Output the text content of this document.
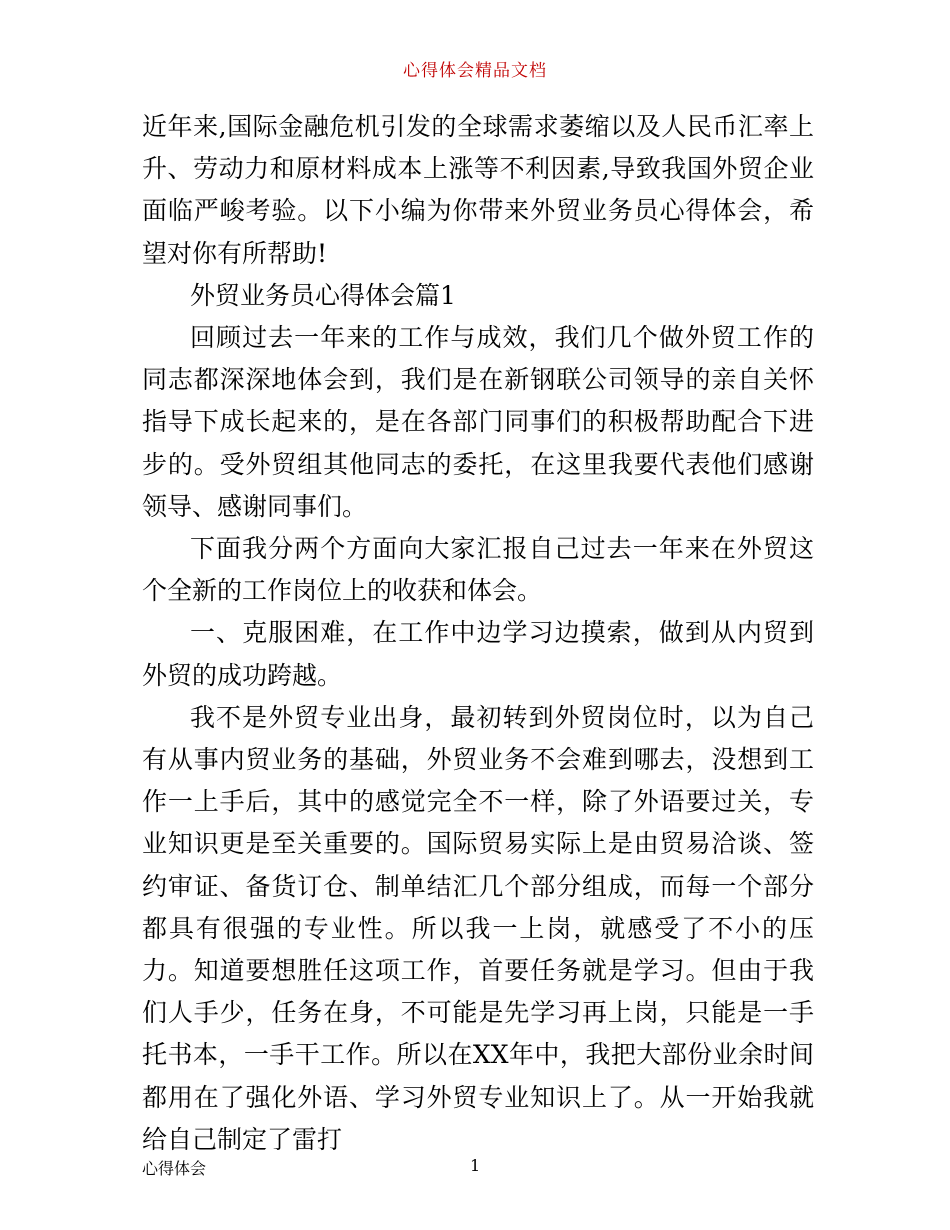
心得体会精品文档

近年来,国际金融危机引发的全球需求萎缩以及人民币汇率上升、劳动力和原材料成本上涨等不利因素,导致我国外贸企业面临严峻考验。以下小编为你带来外贸业务员心得体会，希望对你有所帮助!

外贸业务员心得体会篇1

回顾过去一年来的工作与成效，我们几个做外贸工作的同志都深深地体会到，我们是在新钢联公司领导的亲自关怀指导下成长起来的，是在各部门同事们的积极帮助配合下进步的。受外贸组其他同志的委托，在这里我要代表他们感谢领导、感谢同事们。

下面我分两个方面向大家汇报自己过去一年来在外贸这个全新的工作岗位上的收获和体会。

一、克服困难，在工作中边学习边摸索，做到从内贸到外贸的成功跨越。

我不是外贸专业出身，最初转到外贸岗位时，以为自己有从事内贸业务的基础，外贸业务不会难到哪去，没想到工作一上手后，其中的感觉完全不一样，除了外语要过关，专业知识更是至关重要的。国际贸易实际上是由贸易洽谈、签约审证、备货订仓、制单结汇几个部分组成，而每一个部分都具有很强的专业性。所以我一上岗，就感受了不小的压力。知道要想胜任这项工作，首要任务就是学习。但由于我们人手少，任务在身，不可能是先学习再上岗，只能是一手托书本，一手干工作。所以在XX年中，我把大部份业余时间都用在了强化外语、学习外贸专业知识上了。从一开始我就给自己制定了雷打

心得体会	1
